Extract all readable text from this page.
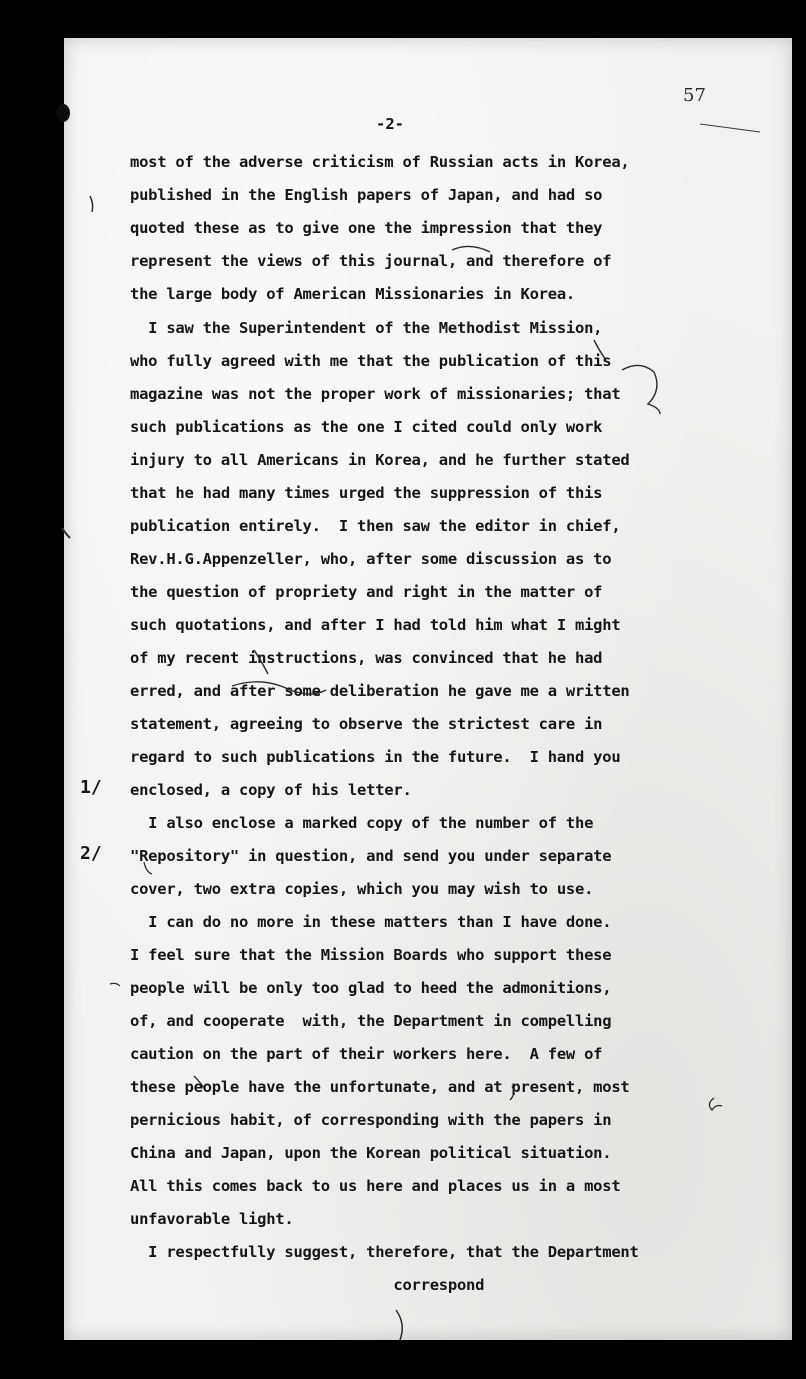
57
-2-
most of the adverse criticism of Russian acts in Korea,
published in the English papers of Japan, and had so
quoted these as to give one the impression that they
represent the views of this journal, and therefore of
the large body of American Missionaries in Korea.
I saw the Superintendent of the Methodist Mission,
who fully agreed with me that the publication of this
magazine was not the proper work of missionaries; that
such publications as the one I cited could only work
injury to all Americans in Korea, and he further stated
that he had many times urged the suppression of this
publication entirely.  I then saw the editor in chief,
Rev.H.G.Appenzeller, who, after some discussion as to
the question of propriety and right in the matter of
such quotations, and after I had told him what I might
of my recent instructions, was convinced that he had
erred, and after some deliberation he gave me a written
statement, agreeing to observe the strictest care in
regard to such publications in the future.  I hand you
enclosed, a copy of his letter.
I also enclose a marked copy of the number of the
"Repository" in question, and send you under separate
cover, two extra copies, which you may wish to use.
I can do no more in these matters than I have done.
I feel sure that the Mission Boards who support these
people will be only too glad to heed the admonitions,
of, and cooperate  with, the Department in compelling
caution on the part of their workers here.  A few of
these people have the unfortunate, and at present, most
pernicious habit, of corresponding with the papers in
China and Japan, upon the Korean political situation.
All this comes back to us here and places us in a most
unfavorable light.
I respectfully suggest, therefore, that the Department
correspond
1/
2/
